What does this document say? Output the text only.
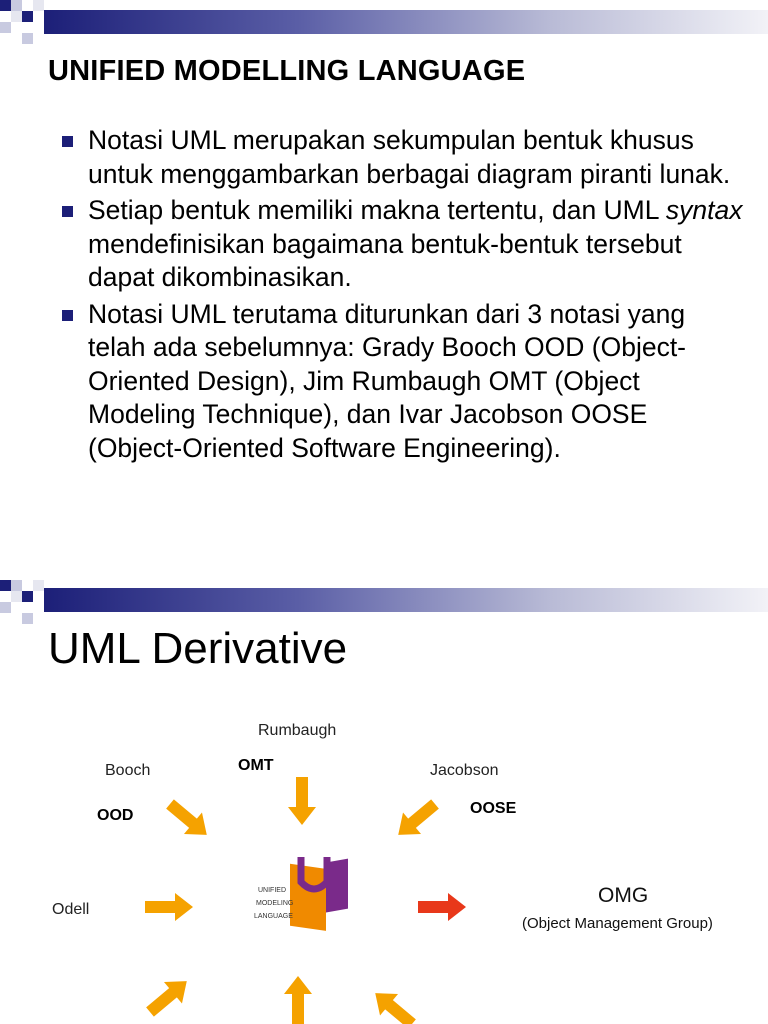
UNIFIED MODELLING LANGUAGE
Notasi UML merupakan sekumpulan bentuk khusus untuk menggambarkan berbagai diagram piranti lunak.
Setiap bentuk memiliki makna tertentu, dan UML syntax mendefinisikan bagaimana bentuk-bentuk tersebut dapat dikombinasikan.
Notasi UML terutama diturunkan dari 3 notasi yang telah ada sebelumnya: Grady Booch OOD (Object-Oriented Design), Jim Rumbaugh OMT (Object Modeling Technique), dan Ivar Jacobson OOSE (Object-Oriented Software Engineering).
UML Derivative
UNIFIED
MODELING
LANGUAGE
Rumbaugh
OMT
Booch
OOD
Jacobson
OOSE
Odell
OMG
(Object Management Group)
